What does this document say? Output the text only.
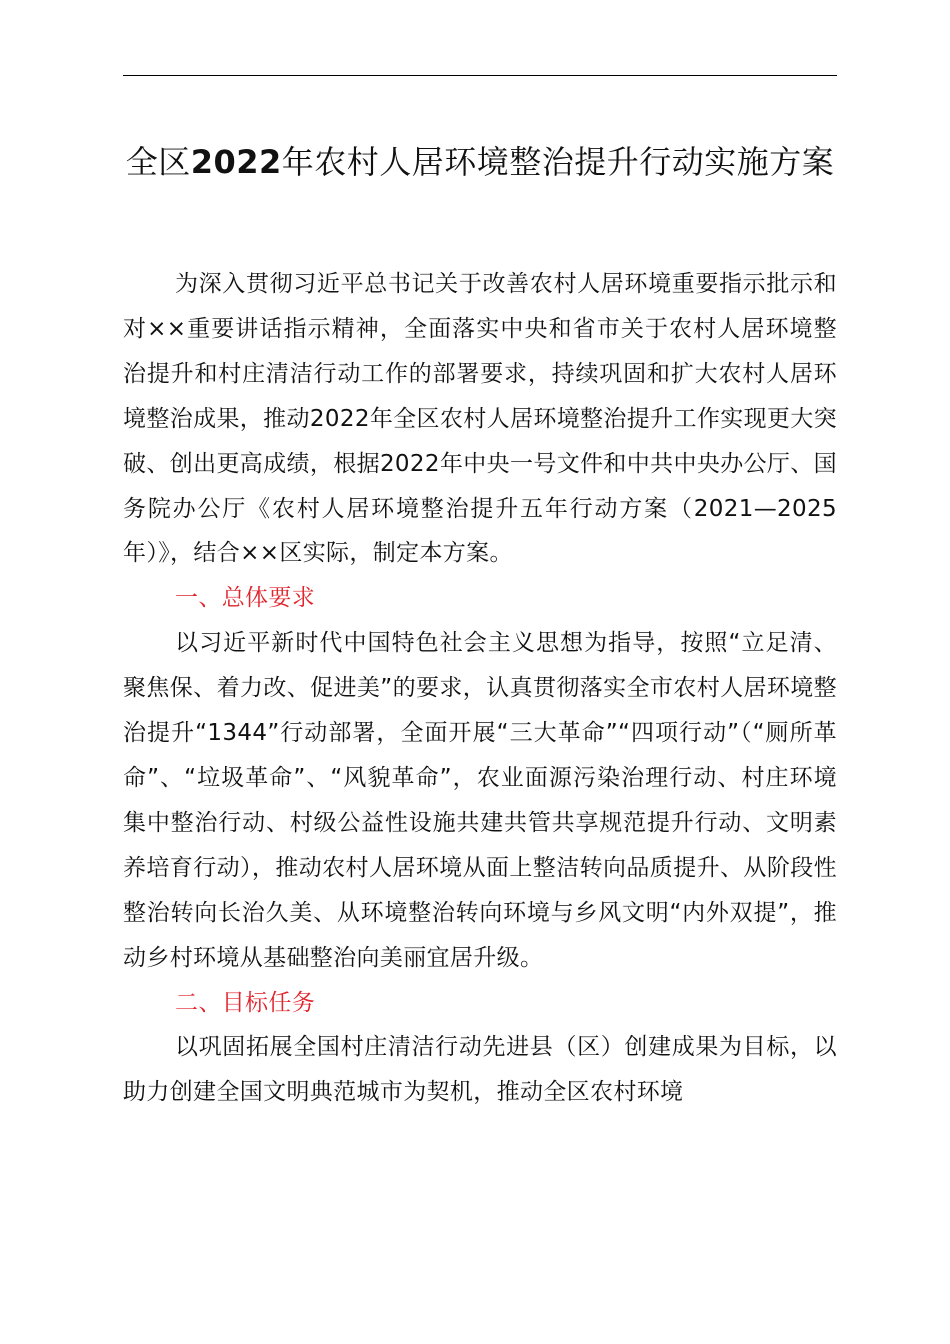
全区2022年农村人居环境整治提升行动实施方案

为深入贯彻习近平总书记关于改善农村人居环境重要指示批示和对××重要讲话指示精神，全面落实中央和省市关于农村人居环境整治提升和村庄清洁行动工作的部署要求，持续巩固和扩大农村人居环境整治成果，推动2022年全区农村人居环境整治提升工作实现更大突破、创出更高成绩，根据2022年中央一号文件和中共中央办公厅、国务院办公厅《农村人居环境整治提升五年行动方案（2021—2025年）》，结合××区实际，制定本方案。

一、总体要求

以习近平新时代中国特色社会主义思想为指导，按照“立足清、聚焦保、着力改、促进美”的要求，认真贯彻落实全市农村人居环境整治提升“1344”行动部署，全面开展“三大革命”“四项行动”（“厕所革命”、“垃圾革命”、“风貌革命”，农业面源污染治理行动、村庄环境集中整治行动、村级公益性设施共建共管共享规范提升行动、文明素养培育行动），推动农村人居环境从面上整洁转向品质提升、从阶段性整治转向长治久美、从环境整治转向环境与乡风文明“内外双提”，推动乡村环境从基础整治向美丽宜居升级。

二、目标任务

以巩固拓展全国村庄清洁行动先进县（区）创建成果为目标，以助力创建全国文明典范城市为契机，推动全区农村环境
